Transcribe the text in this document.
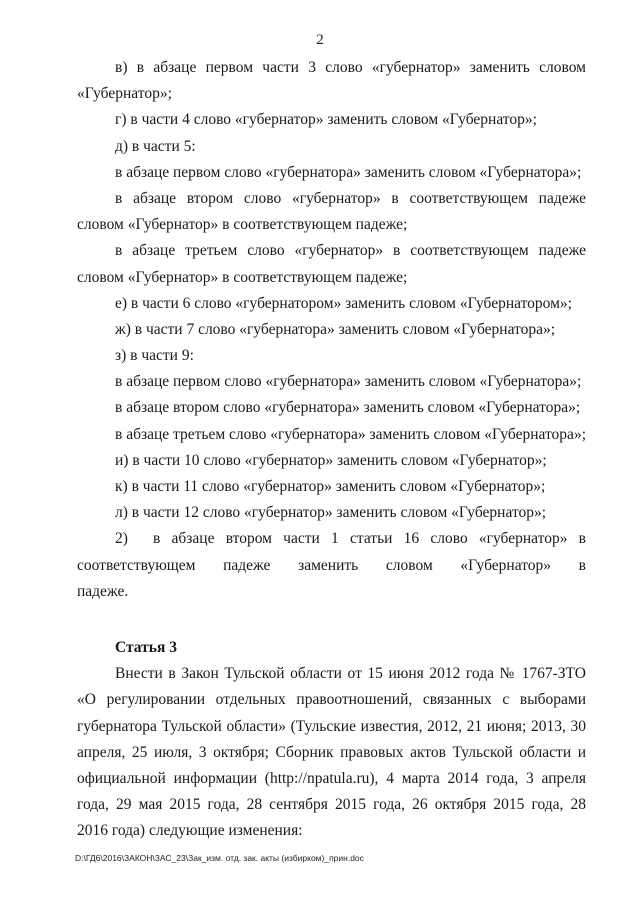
2
в) в абзаце первом части 3 слово «губернатор» заменить словом
«Губернатор»;
г) в части 4 слово «губернатор» заменить словом «Губернатор»;
д) в части 5:
в абзаце первом слово «губернатора» заменить словом «Губернатора»;
в абзаце втором слово «губернатор» в соответствующем падеже
словом «Губернатор» в соответствующем падеже;
в абзаце третьем слово «губернатор» в соответствующем падеже
словом «Губернатор» в соответствующем падеже;
е) в части 6 слово «губернатором» заменить словом «Губернатором»;
ж) в части 7 слово «губернатора» заменить словом «Губернатора»;
з) в части 9:
в абзаце первом слово «губернатора» заменить словом «Губернатора»;
в абзаце втором слово «губернатора» заменить словом «Губернатора»;
в абзаце третьем слово «губернатора» заменить словом «Губернатора»;
и) в части 10 слово «губернатор» заменить словом «Губернатор»;
к) в части 11 слово «губернатор» заменить словом «Губернатор»;
л) в части 12 слово «губернатор» заменить словом «Губернатор»;
2)	в абзаце втором части 1 статьи 16 слово «губернатор» в
соответствующем падеже заменить словом «Губернатор» в
падеже.
Статья 3
Внести в Закон Тульской области от 15 июня 2012 года № 1767-ЗТО
«О регулировании отдельных правоотношений, связанных с выборами
губернатора Тульской области» (Тульские известия, 2012, 21 июня; 2013, 30
апреля, 25 июля, 3 октября; Сборник правовых актов Тульской области и
официальной информации (http://npatula.ru), 4 марта 2014 года, 3 апреля
года, 29 мая 2015 года, 28 сентября 2015 года, 26 октября 2015 года, 28
2016 года) следующие изменения:
D:\ГД6\2016\ЗАКОН\ЗАС_23\Зак_изм. отд. зак. акты (избирком)_прин.doc
